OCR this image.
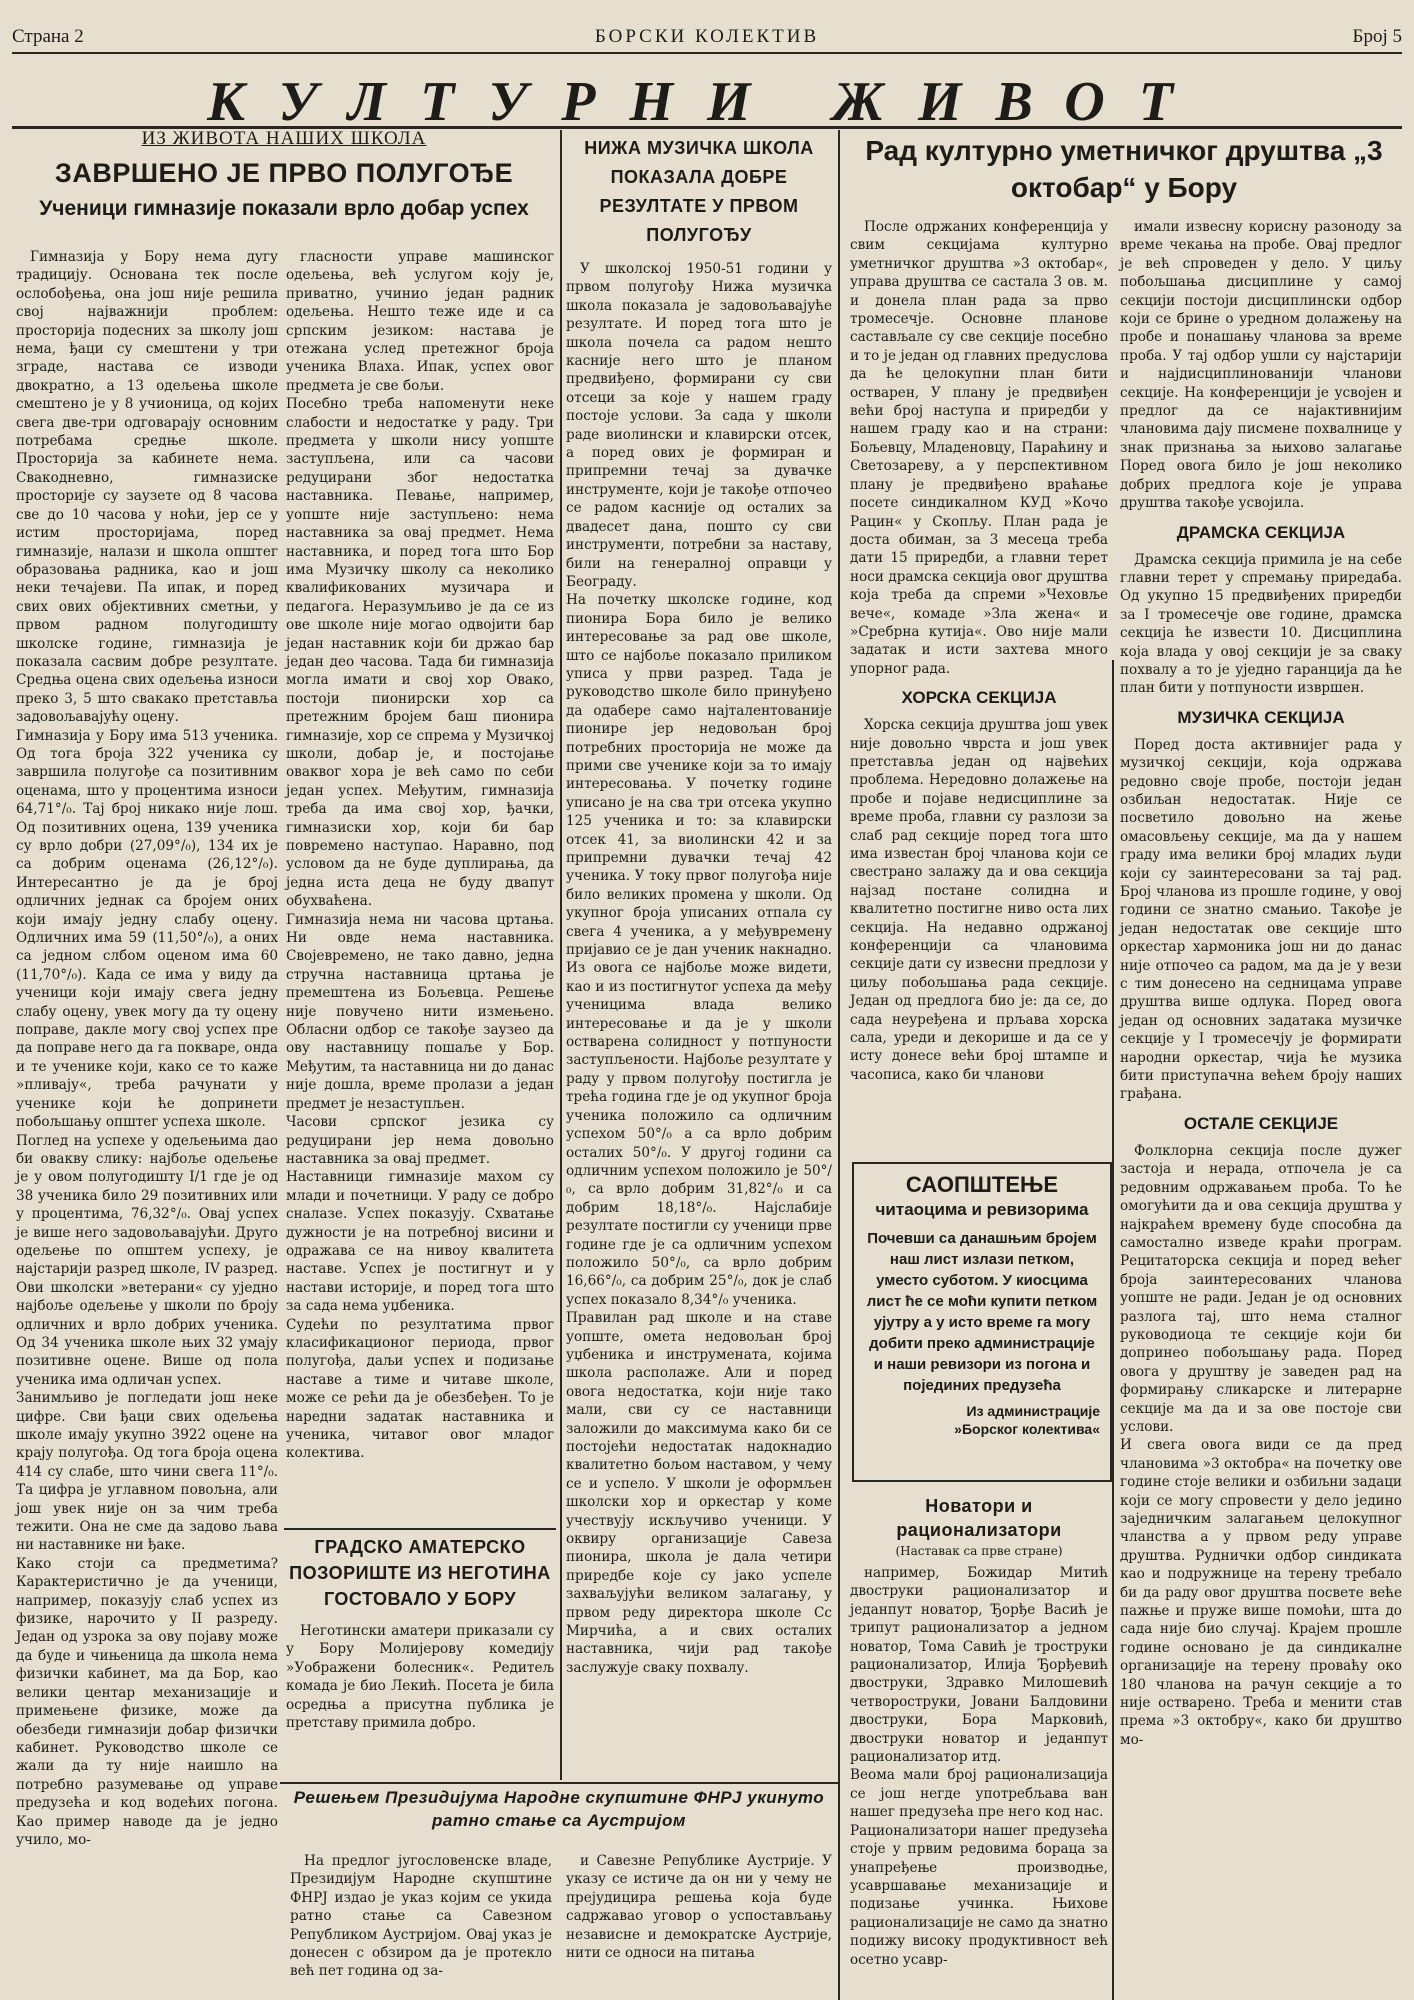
Страна 2	БОРСКИ КОЛЕКТИВ	Број 5
КУЛТУРНИ ЖИВОТ
ИЗ ЖИВОТА НАШИХ ШКОЛА
ЗАВРШЕНО ЈЕ ПРВО ПОЛУГОЂЕ
Ученици гимназије показали врло добар успех
Гимназија у Бору нема дугу традицију. Основана тек после ослобођења, она још није решила свој најважнији проблем: просторија подесних за школу још нема, ђаци су смештени у три зграде, настава се изводи двократно, а 13 одељења школе смештено је у 8 учионица, од којих свега две-три одговарају основним потребама средње школе. Просторија за кабинете нема. Свакодневно, гимназиске просторије су заузете од 8 часова све до 10 часова у ноћи, јер се у истим просторијама, поред гимназије, налази и школа општег образовања радника, као и још неки течајеви. Па ипак, и поред свих ових објективних сметњи, у првом радном полугодишту школске године, гимназија је показала сасвим добре резултате. Средња оцена свих одељења износи преко 3, 5 што свакако претставља задовољавајућу оцену.
Гимназија у Бору има 513 ученика. Од тога броја 322 ученика су завршила полугође са позитивним оценама, што у процентима износи 64,71°/₀. Тај број никако није лош. Од позитивних оцена, 139 ученика су врло добри (27,09°/₀), 134 их је са добрим оценама (26,12°/₀). Интересантно је да је број одличних једнак са бројем оних који имају једну слабу оцену. Одличних има 59 (11,50°/₀), а оних са једном слбом оценом има 60 (11,70°/₀). Када се има у виду да ученици који имају свега једну слабу оцену, увек могу да ту оцену поправе, дакле могу свој успех пре да поправе него да га покваре, онда и те ученике који, како се то каже »пливају«, треба рачунати у ученике који ће допринети побољшању општег успеха школе.
Поглед на успехе у одељењима дао би овакву слику: најбоље одељење је у овом полугодишту I/1 где је од 38 ученика било 29 позитивних или у процентима, 76,32°/₀. Овај успех је више него задовољавајући. Друго одељење по општем успеху, је најстарији разред школе, IV разред. Ови школски »ветерани« су уједно најбоље одељење у школи по броју одличних и врло добрих ученика. Од 34 ученика школе њих 32 умају позитивне оцене. Више од пола ученика има одличан успех.
Занимљиво је погледати још неке цифре. Сви ђаци свих одељења школе имају укупно 3922 оцене на крају полугођа. Од тога броја оцена 414 су слабе, што чини свега 11°/₀. Та цифра је углавном повољна, али још увек није он за чим треба тежити. Она не сме да задово љава ни наставнике ни ђаке.
Како стоји са предметима? Карактеристично је да ученици, например, показују слаб успех из физике, нарочито у II разреду. Један од узрока за ову појаву може да буде и чињеница да школа нема физички кабинет, ма да Бор, као велики центар механизације и примењене физике, може да обезбеди гимназији добар физички кабинет. Руководство школе се жали да ту није наишло на потребно разумевање од управе предузећа и код водећих погона. Као пример наводе да је једно учило, мо-
гласности управе машинског одељења, већ услугом коју је, приватно, учинио један радник одељења. Нешто теже иде и са српским језиком: настава је отежана услед претежног броја ученика Влаха. Ипак, успех овог предмета је све бољи.
Посебно треба напоменути неке слабости и недостатке у раду. Три предмета у школи нису уопште заступљена, или са часови редуцирани због недостатка наставника. Певање, например, уопште није заступљено: нема наставника за овај предмет. Нема наставника, и поред тога што Бор има Музичку школу са неколико квалификованих музичара и педагога. Неразумљиво је да се из ове школе није могао одвојити бар један наставник који би држао бар један део часова. Тада би гимназија могла имати и свој хор Овако, постоји пионирски хор са претежним бројем баш пионира гимназије, хор се спрема у Музичкој школи, добар је, и постојање оваквог хора је већ само по себи један успех. Међутим, гимназија треба да има свој хор, ђачки, гимназиски хор, који би бар повремено наступао. Наравно, под условом да не буде дуплирања, да једна иста деца не буду двапут обухваћена.
Гимназија нема ни часова цртања. Ни овде нема наставника. Својевремено, не тако давно, једна стручна наставница цртања је премештена из Бољевца. Решење није повучено нити измењено. Обласни одбор се такође заузео да ову наставницу пошаље у Бор. Међутим, та наставница ни до данас није дошла, време пролази а један предмет је незаступљен.
Часови српског језика су редуцирани јер нема довољно наставника за овај предмет.
Наставници гимназије махом су млади и почетници. У раду се добро сналазе. Успех показују. Схватање дужности је на потребној висини и одражава се на нивоу квалитета наставе. Успех је постигнут и у настави историје, и поред тога што за сада нема уџбеника.
Судећи по резултатима првог класификационог периода, првог полугођа, даљи успех и подизање наставе а тиме и читаве школе, може се рећи да је обезбеђен. То је наредни задатак наставника и ученика, читавог овог младог колектива.
ГРАДСКО АМАТЕРСКО ПОЗОРИШТЕ ИЗ НЕГОТИНА ГОСТОВАЛО У БОРУ
Неготински аматери приказали су у Бору Молијерову комедију »Уображени болесник«. Редитељ комада је био Лекић. Посета је била осредња а присутна публика је претставу примила добро.
НИЖА МУЗИЧКА ШКОЛА ПОКАЗАЛА ДОБРЕ РЕЗУЛТАТЕ У ПРВОМ ПОЛУГОЂУ
У школској 1950-51 години у првом полугођу Нижа музичка школа показала је задовољавајуће резултате. И поред тога што је школа почела са радом нешто касније него што је планом предвиђено, формирани су сви отсеци за које у нашем граду постоје услови. За сада у школи раде виолински и клавирски отсек, а поред ових је формиран и припремни течај за дувачке инструменте, који је такође отпочео се радом касније од осталих за двадесет дана, пошто су сви инструменти, потребни за наставу, били на генералној оправци у Београду.
На почетку школске године, код пионира Бора било је велико интересовање за рад ове школе, што се најбоље показало приликом уписа у први разред. Тада је руководство школе било принуђено да одабере само најталентованије пионире јер недовољан број потребних просторија не може да прими све ученике који за то имају интересовања. У почетку године уписано је на сва три отсека укупно 125 ученика и то: за клавирски отсек 41, за виолински 42 и за припремни дувачки течај 42 ученика. У току првог полугођа није било великих промена у школи. Од укупног броја уписаних отпала су свега 4 ученика, а у међувремену пријавио се је дан ученик накнадно. Из овога се најбоље може видети, као и из постигнутог успеха да међу ученицима влада велико интересовање и да је у школи остварена солидност у потпуности заступљености. Најбоље резултате у раду у првом полугођу постигла је трећа година где је од укупног броја ученика положило са одличним успехом 50°/₀ а са врло добрим осталих 50°/₀. У другој години са одличним успехом положило је 50°/₀, са врло добрим 31,82°/₀ и са добрим 18,18°/₀. Најслабије резултате постигли су ученици прве године где је са одличним успехом положило 50°/₀, са врло добрим 16,66°/₀, са добрим 25°/₀, док је слаб успех показало 8,34°/₀ ученика.
Правилан рад школе и на ставе уопште, омета недовољан број уџбеника и инструмената, којима школа располаже. Али и поред овога недостатка, који није тако мали, сви су се наставници заложили до максимума како би се постојећи недостатак надокнадио квалитетно бољом наставом, у чему се и успело. У школи је оформљен школски хор и оркестар у коме учествују искључиво ученици. У оквиру организације Савеза пионира, школа је дала четири приредбе које су јако успеле захваљујући великом залагању, у првом реду директора школе Сс Мирчића, а и свих осталих наставника, чији рад такође заслужује сваку похвалу.
Решењем Президијума Народне скупштине ФНРЈ укинуто ратно стање са Аустријом
На предлог југословенске владе, Президијум Народне скупштине ФНРЈ издао је указ којим се укида ратно стање са Савезном Републиком Аустријом. Овај указ је донесен с обзиром да је протекло већ пет година од за-
и Савезне Републике Аустрије. У указу се истиче да он ни у чему не прејудицира решења која буде садржавао уговор о успостављању независне и демократске Аустрије, нити се односи на питања
Рад културно уметничког друштва „3 октобар“ у Бору
После одржаних конференција у свим секцијама културно уметничког друштва »3 октобар«, управа друштва се састала 3 ов. м. и донела план рада за прво тромесечје. Основне планове састављале су све секције посебно и то је један од главних предуслова да ће целокупни план бити остварен, У плану је предвиђен већи број наступа и приредби у нашем граду као и на страни: Бољевцу, Младеновцу, Параћину и Светозареву, а у перспективном плану је предвиђено враћање посете синдикалном КУД »Кочо Рацин« у Скопљу. План рада је доста обиман, за 3 месеца треба дати 15 приредби, а главни терет носи драмска секција овог друштва која треба да спреми »Чеховље вече«, комаде »Зла жена« и »Сребрна кутија«. Ово није мали задатак и исти захтева много упорног рада.
ХОРСКА СЕКЦИЈА
Хорска секција друштва још увек није довољно чврста и још увек претставља један од највећих проблема. Нередовно долажење на пробе и појаве недисциплине за време проба, главни су разлози за слаб рад секције поред тога што има известан број чланова који се свестрано залажу да и ова секција најзад постане солидна и квалитетно постигне ниво оста лих секција. На недавно одржаној конференцији са члановима секције дати су извесни предлози у циљу побољшања рада секције. Један од предлога био је: да се, до сада неуређена и прљава хорска сала, уреди и декорише и да се у исту донесе већи број штампе и часописа, како би чланови
имали извесну корисну разоноду за време чекања на пробе. Овај предлог је већ спроведен у дело. У циљу побољшања дисциплине у самој секцији постоји дисциплински одбор који се брине о уредном долажењу на пробе и понашању чланова за време проба. У тај одбор ушли су најстарији и најдисциплинованији чланови секције. На конференцији је усвојен и предлог да се најактивнијим члановима дају писмене похвалнице у знак признања за њихово залагање Поред овога било је још неколико добрих предлога које је управа друштва такође усвојила.
ДРАМСКА СЕКЦИЈА
Драмска секција примила је на себе главни терет у спремању приредаба. Од укупно 15 предвиђених приредби за I тромесечје ове године, драмска секција ће извести 10. Дисциплина која влада у овој секцији је за сваку похвалу а то је уједно гаранција да ће план бити у потпуности извршен.
МУЗИЧКА СЕКЦИЈА
Поред доста активнијег рада у музичкој секцији, која одржава редовно своје пробе, постоји један озбиљан недостатак. Није се посветило довољно на жење омасовљењу секције, ма да у нашем граду има велики број младих људи који су заинтересовани за тај рад. Број чланова из прошле године, у овој години се знатно смањио. Такође је један недостатак ове секције што оркестар хармоника још ни до данас није отпочео са радом, ма да је у вези с тим донесено на седницама управе друштва више одлука. Поред овога један од основних задатака музичке секције у I тромесечју је формирати народни оркестар, чија ће музика бити приступачна већем броју наших грађана.
ОСТАЛЕ СЕКЦИЈЕ
Фолклорна секција после дужег застоја и нерада, отпочела је са редовним одржавањем проба. То ће омогућити да и ова секција друштва у најкраћем времену буде способна да самостално изведе краћи програм. Рецитаторска секција и поред већег броја заинтересованих чланова уопште не ради. Један је од основних разлога тај, што нема сталног руководиоца те секције који би допринео побољшању рада. Поред овога у друштву је заведен рад на формирању сликарске и литерарне секције ма да и за ове постоје сви услови.
И свега овога види се да пред члановима »3 октобра« на почетку ове године стоје велики и озбиљни задаци који се могу спровести у дело једино заједничким залагањем целокупног чланства а у првом реду управе друштва. Руднички одбор синдиката као и подружнице на терену требало би да раду овог друштва посвете веће пажње и пруже више помоћи, шта до сада није био случај. Крајем прошле године основано је да синдикалне организације на терену проваћу око 180 чланова на рачун секције а то није остварено. Треба и менити став према »3 октобру«, како би друштво мо-
САОПШТЕЊЕ
читаоцима и ревизорима
Почевши са данашњим бројем наш лист излази петком, уместо суботом. У киосцима лист ће се моћи купити петком ујутру а у исто време га могу добити преко администрације и наши ревизори из погона и појединих предузећа
Из администрације
»Борског колектива«
Новатори и рационализатори
(Наставак са прве стране)
например, Божидар Митић двоструки рационализатор и једанпут новатор, Ђорђе Васић је трипут рационализатор а једном новатор, Тома Савић је троструки рационализатор, Илија Ђорђевић двоструки, Здравко Милошевић четвороструки, Јовани Балдовини двоструки, Бора Марковић, двоструки новатор и једанпут рационализатор итд.
Веома мали број рационализација се још негде употребљава ван нашег предузећа пре него код нас.
Рационализатори нашег предузећа стоје у првим редовима бораца за унапређење производње, усавршавање механизације и подизање учинка. Њихове рационализације не само да знатно подижу високу продуктивност већ осетно усавр-
